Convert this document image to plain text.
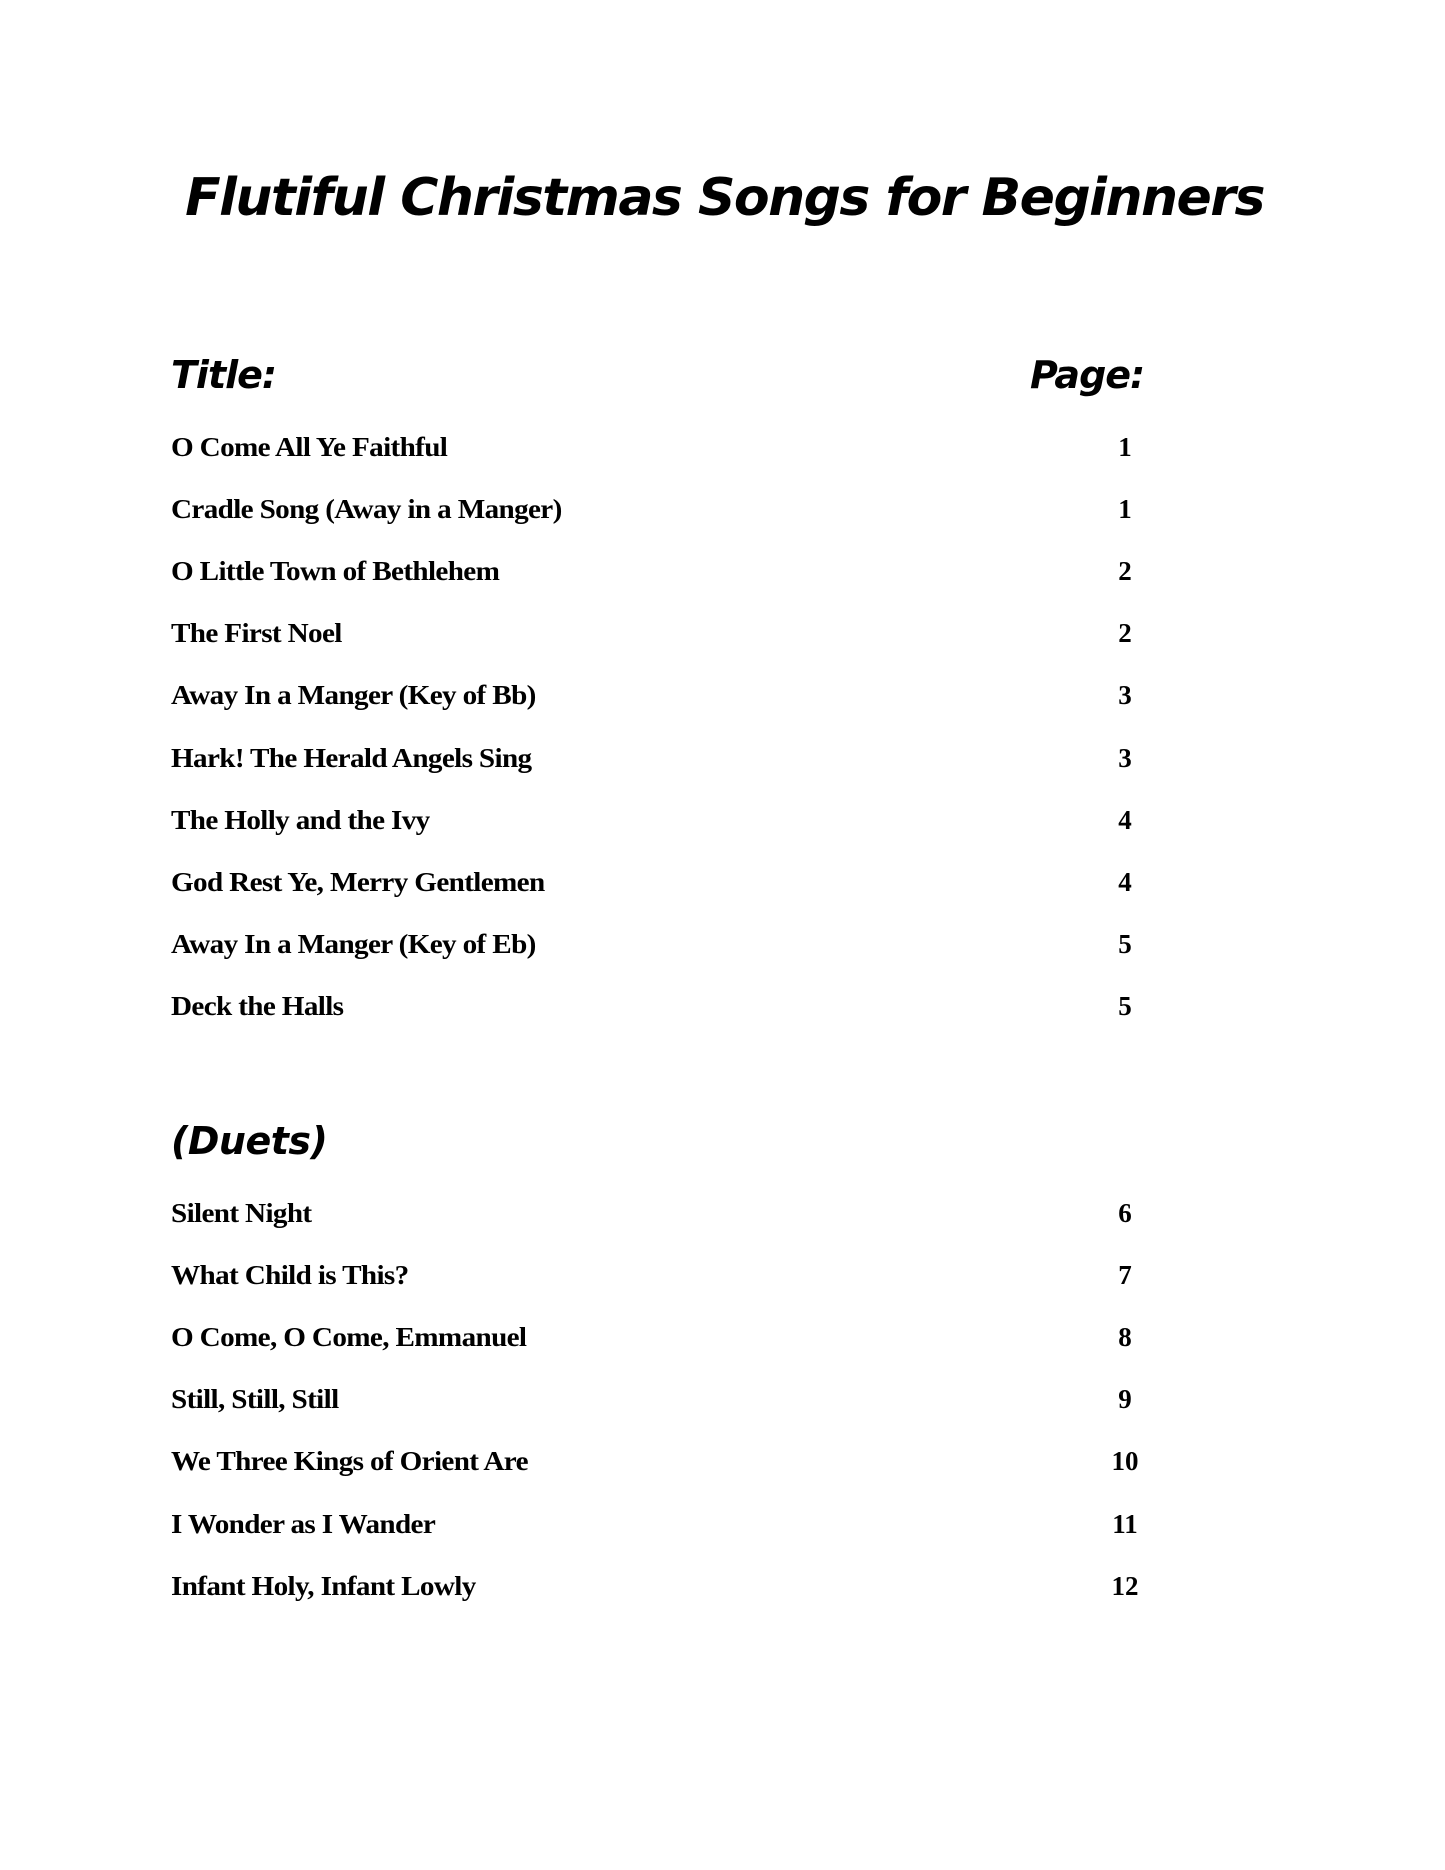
Flutiful Christmas Songs for Beginners
Title:	Page:
O Come All Ye Faithful	1
Cradle Song (Away in a Manger)	1
O Little Town of Bethlehem	2
The First Noel	2
Away In a Manger (Key of Bb)	3
Hark! The Herald Angels Sing	3
The Holly and the Ivy	4
God Rest Ye, Merry Gentlemen	4
Away In a Manger (Key of Eb)	5
Deck the Halls	5
(Duets)
Silent Night	6
What Child is This?	7
O Come, O Come, Emmanuel	8
Still, Still, Still	9
We Three Kings of Orient Are	10
I Wonder as I Wander	11
Infant Holy, Infant Lowly	12
